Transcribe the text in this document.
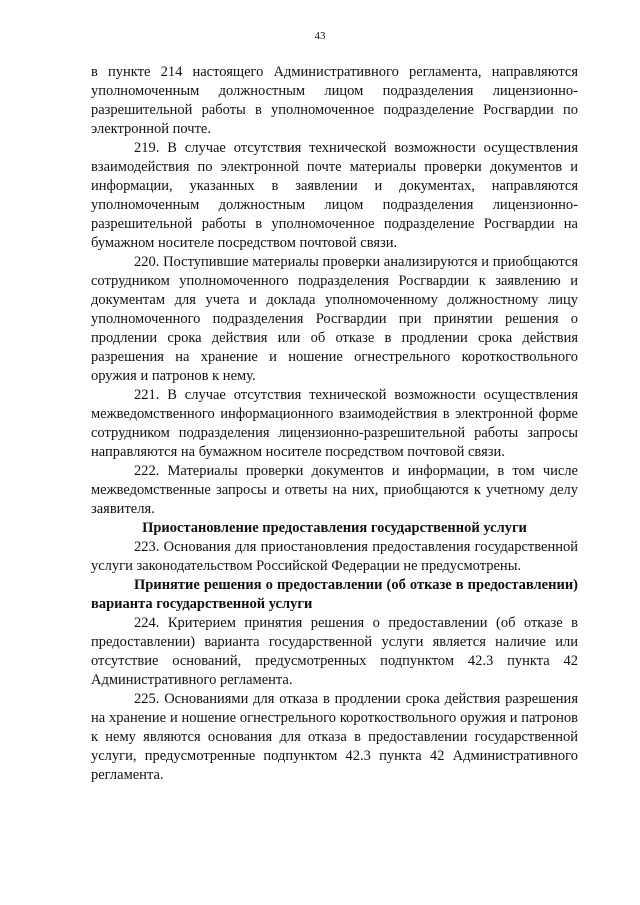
43

в пункте 214 настоящего Административного регламента, направляются уполномоченным должностным лицом подразделения лицензионно-разрешительной работы в уполномоченное подразделение Росгвардии по электронной почте.

219. В случае отсутствия технической возможности осуществления взаимодействия по электронной почте материалы проверки документов и информации, указанных в заявлении и документах, направляются уполномоченным должностным лицом подразделения лицензионно-разрешительной работы в уполномоченное подразделение Росгвардии на бумажном носителе посредством почтовой связи.

220. Поступившие материалы проверки анализируются и приобщаются сотрудником уполномоченного подразделения Росгвардии к заявлению и документам для учета и доклада уполномоченному должностному лицу уполномоченного подразделения Росгвардии при принятии решения о продлении срока действия или об отказе в продлении срока действия разрешения на хранение и ношение огнестрельного короткоствольного оружия и патронов к нему.

221. В случае отсутствия технической возможности осуществления межведомственного информационного взаимодействия в электронной форме сотрудником подразделения лицензионно-разрешительной работы запросы направляются на бумажном носителе посредством почтовой связи.

222. Материалы проверки документов и информации, в том числе межведомственные запросы и ответы на них, приобщаются к учетному делу заявителя.

Приостановление предоставления государственной услуги

223. Основания для приостановления предоставления государственной услуги законодательством Российской Федерации не предусмотрены.

Принятие решения о предоставлении (об отказе в предоставлении) варианта государственной услуги

224. Критерием принятия решения о предоставлении (об отказе в предоставлении) варианта государственной услуги является наличие или отсутствие оснований, предусмотренных подпунктом 42.3 пункта 42 Административного регламента.

225. Основаниями для отказа в продлении срока действия разрешения на хранение и ношение огнестрельного короткоствольного оружия и патронов к нему являются основания для отказа в предоставлении государственной услуги, предусмотренные подпунктом 42.3 пункта 42 Административного регламента.
